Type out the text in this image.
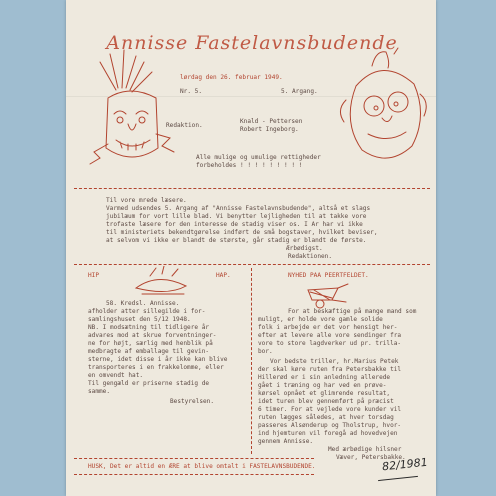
Annisse Fastelavnsbudende
lørdag den 26. februar 1949.
Nr. 5.	5. Argang.
Redaktion.
Knald - Pettersen
Robert Ingeborg.
Alle mulige og umulige rettigheder
forbeholdes ! ! ! ! ! ! ! ! !
Til vore mrede læsere.
Varmed udsendes 5. Argang af "Annisse Fastelavnsbudende", altså et slags
jubilæum for vort lille blad. Vi benytter lejligheden til at takke vore
trofaste læsere for den interesse de stadig viser os. I Ar har vi ikke
til ministeriets bekendtgørelse indført de små bogstaver, hvilket beviser,
at selvom vi ikke er blandt de største, går stadig er blandt de første.
Ærbødigst.
Redaktionen.
HIP	HAP.
58. Kredsl. Annisse.
afholder atter sillegilde i for-
samlingshuset den 5/12 1948.
NB. I modsætning til tidligere år
advares mod at skrue forventninger-
ne for højt, særlig med henblik på
medbragte af emballage til gevin-
sterne, idet disse i år ikke kan blive
transporteres i en frakkelomme, eller
en omvendt hat.
Til gengæld er priserne stadig de
samme.
Bestyrelsen.
NYHED PAA PEERTFELDET.
For at beskæftige på mange mand som
muligt, er holde vore gamle solide
folk i arbejde er det vor hensigt her-
efter at levere alle vore sendinger fra
vore to store lagdverker ud pr. trilla-
bor.
Vor bedste triller, hr.Marius Petek
der skal køre ruten fra Petersbakke til
Hillerød er i sin anledning allerede
gået i træning og har ved en prøve-
kørsel opnået et glimrende resultat,
idet turen blev gennemført på præcist
6 timer. For at vejlede vore kunder vil
ruten lægges således, at hver torsdag
passeres Alsønderup og Tholstrup, hvor-
ind hjemturen vil foregå ad hovedvejen
gennem Annisse.
Med ærbødige hilsner
Væver, Petersbakke.
HUSK, Det er altid en ÆRE at blive omtalt i FASTELAVNSBUDENDE.	82/1981
